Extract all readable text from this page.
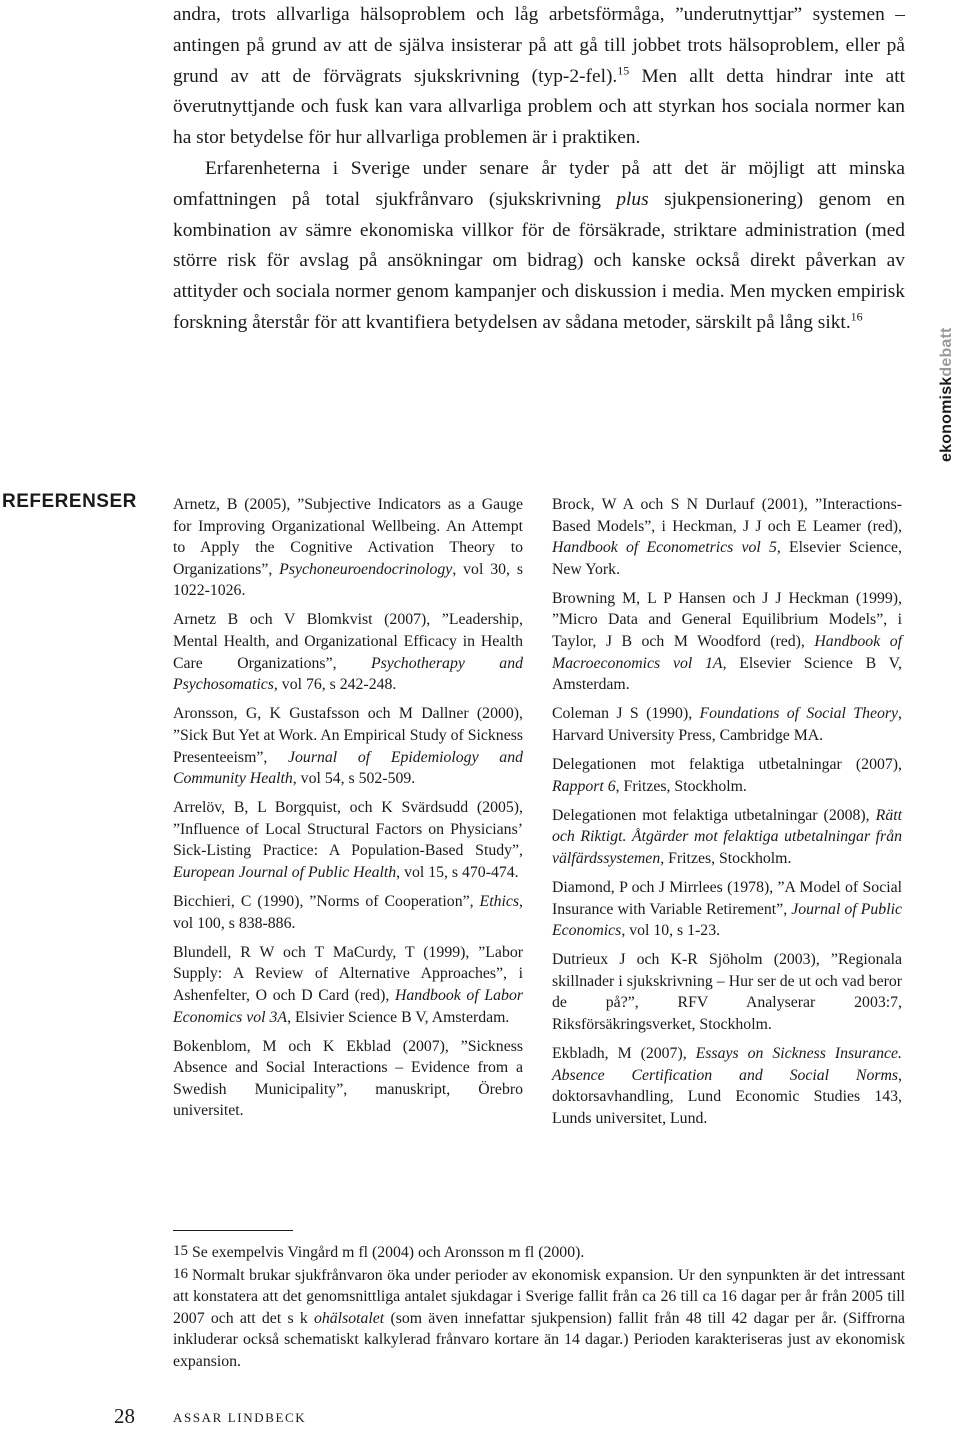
andra, trots allvarliga hälsoproblem och låg arbetsförmåga, ”underutnyttjar” systemen – antingen på grund av att de själva insisterar på att gå till jobbet trots hälsoproblem, eller på grund av att de förvägrats sjukskrivning (typ-2-fel).$^{15}$ Men allt detta hindrar inte att överutnyttjande och fusk kan vara allvarliga problem och att styrkan hos sociala normer kan ha stor betydelse för hur allvarliga problemen är i praktiken.

Erfarenheterna i Sverige under senare år tyder på att det är möjligt att minska omfattningen på total sjukfrånvaro (sjukskrivning plus sjukpensionering) genom en kombination av sämre ekonomiska villkor för de försäkrade, striktare administration (med större risk för avslag på ansökningar om bidrag) och kanske också direkt påverkan av attityder och sociala normer genom kampanjer och diskussion i media. Men mycken empirisk forskning återstår för att kvantifiera betydelsen av sådana metoder, särskilt på lång sikt.$^{16}$

ekonomiskdebatt
REFERENSER Arnetz, B (2005), ”Subjective Indicators as a Gauge for Improving Organizational Wellbeing. An Attempt to Apply the Cognitive Activation Theory to Organizations”, Psychoneuroendocrinology, vol 30, s 1022-1026.

Arnetz B och V Blomkvist (2007), ”Leadership, Mental Health, and Organizational Efficacy in Health Care Organizations”, Psychotherapy and Psychosomatics, vol 76, s 242-248.

Aronsson, G, K Gustafsson och M Dallner (2000), ”Sick But Yet at Work. An Empirical Study of Sickness Presenteeism”, Journal of Epidemiology and Community Health, vol 54, s 502-509.

Arrelöv, B, L Borgquist, och K Svärdsudd (2005), ”Influence of Local Structural Factors on Physicians’ Sick-Listing Practice: A Population-Based Study”, European Journal of Public Health, vol 15, s 470-474.

Bicchieri, C (1990), ”Norms of Cooperation”, Ethics, vol 100, s 838-886.

Blundell, R W och T MaCurdy, T (1999), ”Labor Supply: A Review of Alternative Approaches”, i Ashenfelter, O och D Card (red), Handbook of Labor Economics vol 3A, Elsivier Science B V, Amsterdam.

Bokenblom, M och K Ekblad (2007), ”Sickness Absence and Social Interactions – Evidence from a Swedish Municipality”, manuskript, Örebro universitet.

Brock, W A och S N Durlauf (2001), ”Interactions-Based Models”, i Heckman, J J och E Leamer (red), Handbook of Econometrics vol 5, Elsevier Science, New York.

Browning M, L P Hansen och J J Heckman (1999), ”Micro Data and General Equilibrium Models”, i Taylor, J B och M Woodford (red), Handbook of Macroeconomics vol 1A, Elsevier Science B V, Amsterdam.

Coleman J S (1990), Foundations of Social Theory, Harvard University Press, Cambridge MA.

Delegationen mot felaktiga utbetalningar (2007), Rapport 6, Fritzes, Stockholm.

Delegationen mot felaktiga utbetalningar (2008), Rätt och Riktigt. Åtgärder mot felaktiga utbetalningar från välfärdssystemen, Fritzes, Stockholm.

Diamond, P och J Mirrlees (1978), ”A Model of Social Insurance with Variable Retirement”, Journal of Public Economics, vol 10, s 1-23.

Dutrieux J och K-R Sjöholm (2003), ”Regionala skillnader i sjukskrivning – Hur ser de ut och vad beror de på?”, RFV Analyserar 2003:7, Riksförsäkringsverket, Stockholm.

Ekbladh, M (2007), Essays on Sickness Insurance. Absence Certification and Social Norms, doktorsavhandling, Lund Economic Studies 143, Lunds universitet, Lund.

15 Se exempelvis Vingård m fl (2004) och Aronsson m fl (2000).

16 Normalt brukar sjukfrånvaron öka under perioder av ekonomisk expansion. Ur den synpunkten är det intressant att konstatera att det genomsnittliga antalet sjukdagar i Sverige fallit från ca 26 till ca 16 dagar per år från 2005 till 2007 och att det s k ohälsotalet (som även innefattar sjukpension) fallit från 48 till 42 dagar per år. (Siffrorna inkluderar också schematiskt kalkylerad frånvaro kortare än 14 dagar.) Perioden karakteriseras just av ekonomisk expansion.

28	ASSAR LINDBECK
